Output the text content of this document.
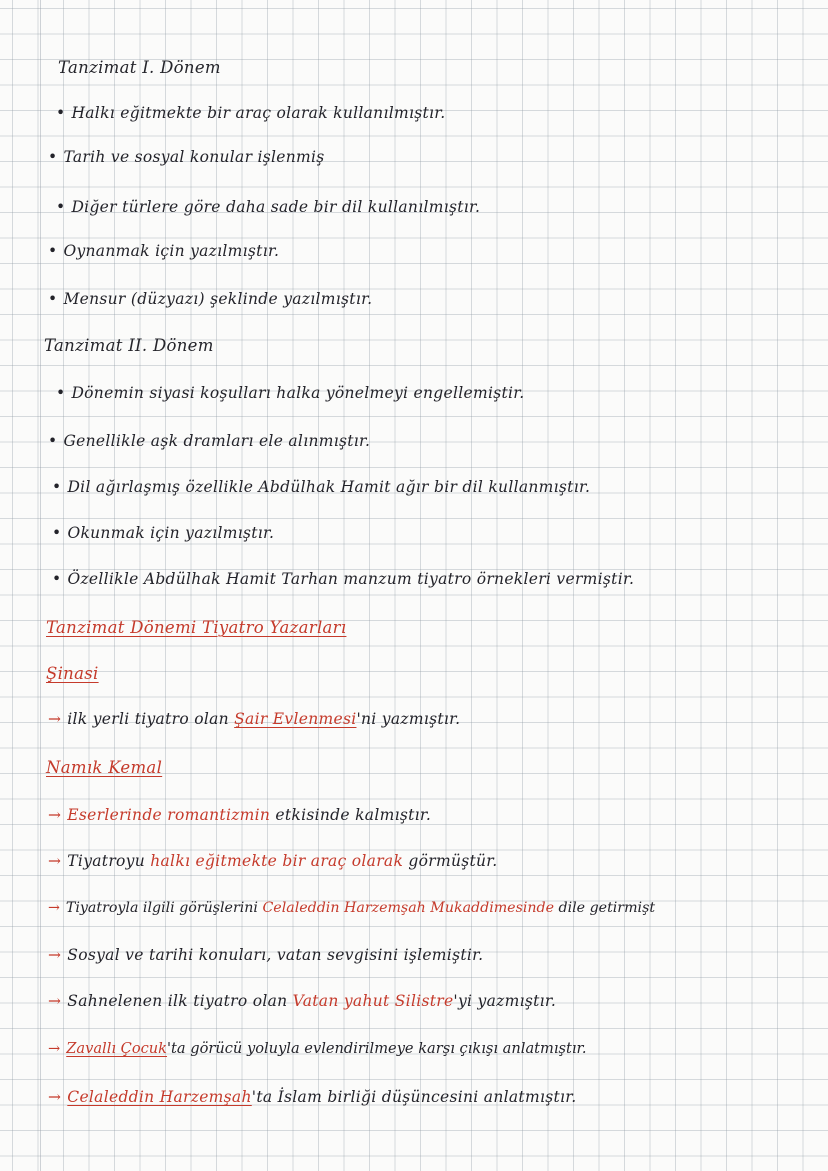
Tanzimat I. Dönem
• Halkı eğitmekte bir araç olarak kullanılmıştır.
• Tarih ve sosyal konular işlenmiş
• Diğer türlere göre daha sade bir dil kullanılmıştır.
• Oynanmak için yazılmıştır.
• Mensur (düzyazı) şeklinde yazılmıştır.
Tanzimat II. Dönem
• Dönemin siyasi koşulları halka yönelmeyi engellemiştir.
• Genellikle aşk dramları ele alınmıştır.
• Dil ağırlaşmış özellikle Abdülhak Hamit ağır bir dil kullanmıştır.
• Okunmak için yazılmıştır.
• Özellikle Abdülhak Hamit Tarhan manzum tiyatro örnekleri vermiştir.
Tanzimat Dönemi Tiyatro Yazarları
Şinasi
→ ilk yerli tiyatro olan Şair Evlenmesi'ni yazmıştır.
Namık Kemal
→ Eserlerinde romantizmin etkisinde kalmıştır.
→ Tiyatroyu halkı eğitmekte bir araç olarak görmüştür.
→ Tiyatroyla ilgili görüşlerini Celaleddin Harzemşah Mukaddimesinde dile getirmişt
→ Sosyal ve tarihi konuları, vatan sevgisini işlemiştir.
→ Sahnelenen ilk tiyatro olan Vatan yahut Silistre'yi yazmıştır.
→ Zavallı Çocuk'ta görücü yoluyla evlendirilmeye karşı çıkışı anlatmıştır.
→ Celaleddin Harzemşah'ta İslam birliği düşüncesini anlatmıştır.
